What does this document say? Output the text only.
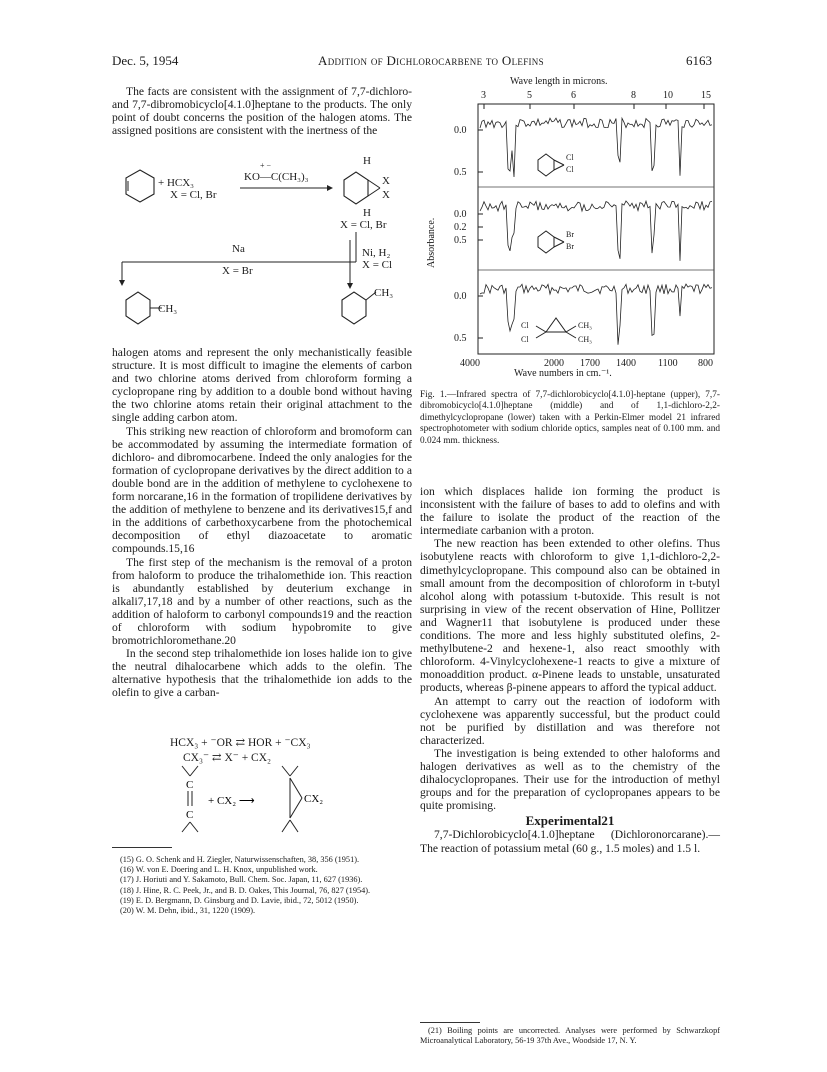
Dec. 5, 1954	Addition of Dichlorocarbene to Olefins	6163

The facts are consistent with the assignment of 7,7-dichloro- and 7,7-dibromobicyclo[4.1.0]heptane to the products. The only point of doubt concerns the position of the halogen atoms. The assigned positions are consistent with the inertness of the

+ HCX₃
X = Cl, Br
+ −
KO—C(CH₃)₃
H
X
X
H
X = Cl, Br
Na
X = Br
Ni, H₂
X = Cl
CH₃
CH₃

halogen atoms and represent the only mechanistically feasible structure. It is most difficult to imagine the elements of carbon and two chlorine atoms derived from chloroform forming a cyclopropane ring by addition to a double bond without having the two chlorine atoms retain their original attachment to the single adding carbon atom.

This striking new reaction of chloroform and bromoform can be accommodated by assuming the intermediate formation of dichloro- and dibromocarbene. Indeed the only analogies for the formation of cyclopropane derivatives by the direct addition to a double bond are in the addition of methylene to cyclohexene to form norcarane,16 in the formation of tropilidene derivatives by the addition of methylene to benzene and its derivatives15,f and in the additions of carbethoxycarbene from the photochemical decomposition of ethyl diazoacetate to aromatic compounds.15,16

The first step of the mechanism is the removal of a proton from haloform to produce the trihalomethide ion. This reaction is abundantly established by deuterium exchange in alkali7,17,18 and by a number of other reactions, such as the addition of haloform to carbonyl compounds19 and the reaction of chloroform with sodium hypobromite to give bromotrichloromethane.20

In the second step trihalomethide ion loses halide ion to give the neutral dihalocarbene which adds to the olefin. The alternative hypothesis that the trihalomethide ion adds to the olefin to give a carban-

HCX₃ + ⁻OR ⇄ HOR + ⁻CX₃
CX₃⁻ ⇄ X⁻ + CX₂
C
C
+ CX₂ ⟶	CX₂

(15) G. O. Schenk and H. Ziegler, Naturwissenschaften, 38, 356 (1951).

(16) W. von E. Doering and L. H. Knox, unpublished work.

(17) J. Horiuti and Y. Sakamoto, Bull. Chem. Soc. Japan, 11, 627 (1936).

(18) J. Hine, R. C. Peek, Jr., and B. D. Oakes, This Journal, 76, 827 (1954).

(19) E. D. Bergmann, D. Ginsburg and D. Lavie, ibid., 72, 5012 (1950).

(20) W. M. Dehn, ibid., 31, 1220 (1909).

Wave length in microns.
3	5	6	8	10	15
0.0
0.5
0.0
0.2
0.5
0.0
0.5
Absorbance.
Cl
Cl
Br
Br
Cl
Cl
CH₃
CH₃
4000	2000 1700 1400 1100 800
Wave numbers in cm.⁻¹.
Fig. 1.—Infrared spectra of 7,7-dichlorobicyclo[4.1.0]-heptane (upper), 7,7-dibromobicyclo[4.1.0]heptane (middle) and of 1,1-dichloro-2,2-dimethylcyclopropane (lower) taken with a Perkin-Elmer model 21 infrared spectrophotometer with sodium chloride optics, samples neat of 0.100 mm. and 0.024 mm. thickness.

ion which displaces halide ion forming the product is inconsistent with the failure of bases to add to olefins and with the failure to isolate the product of the reaction of the intermediate carbanion with a proton.

The new reaction has been extended to other olefins. Thus isobutylene reacts with chloroform to give 1,1-dichloro-2,2-dimethylcyclopropane. This compound also can be obtained in small amount from the decomposition of chloroform in t-butyl alcohol along with potassium t-butoxide. This result is not surprising in view of the recent observation of Hine, Pollitzer and Wagner11 that isobutylene is produced under these conditions. The more and less highly substituted olefins, 2-methylbutene-2 and hexene-1, also react smoothly with chloroform. 4-Vinylcyclohexene-1 reacts to give a mixture of monoaddition product. α-Pinene leads to unstable, unsaturated products, whereas β-pinene appears to afford the typical adduct.

An attempt to carry out the reaction of iodoform with cyclohexene was apparently successful, but the product could not be purified by distillation and was therefore not characterized.

The investigation is being extended to other haloforms and halogen derivatives as well as to the chemistry of the dihalocyclopropanes. Their use for the introduction of methyl groups and for the preparation of cyclopropanes appears to be quite promising.

Experimental21

7,7-Dichlorobicyclo[4.1.0]heptane (Dichloronorcarane).—The reaction of potassium metal (60 g., 1.5 moles) and 1.5 l.

(21) Boiling points are uncorrected. Analyses were performed by Schwarzkopf Microanalytical Laboratory, 56-19 37th Ave., Woodside 17, N. Y.
